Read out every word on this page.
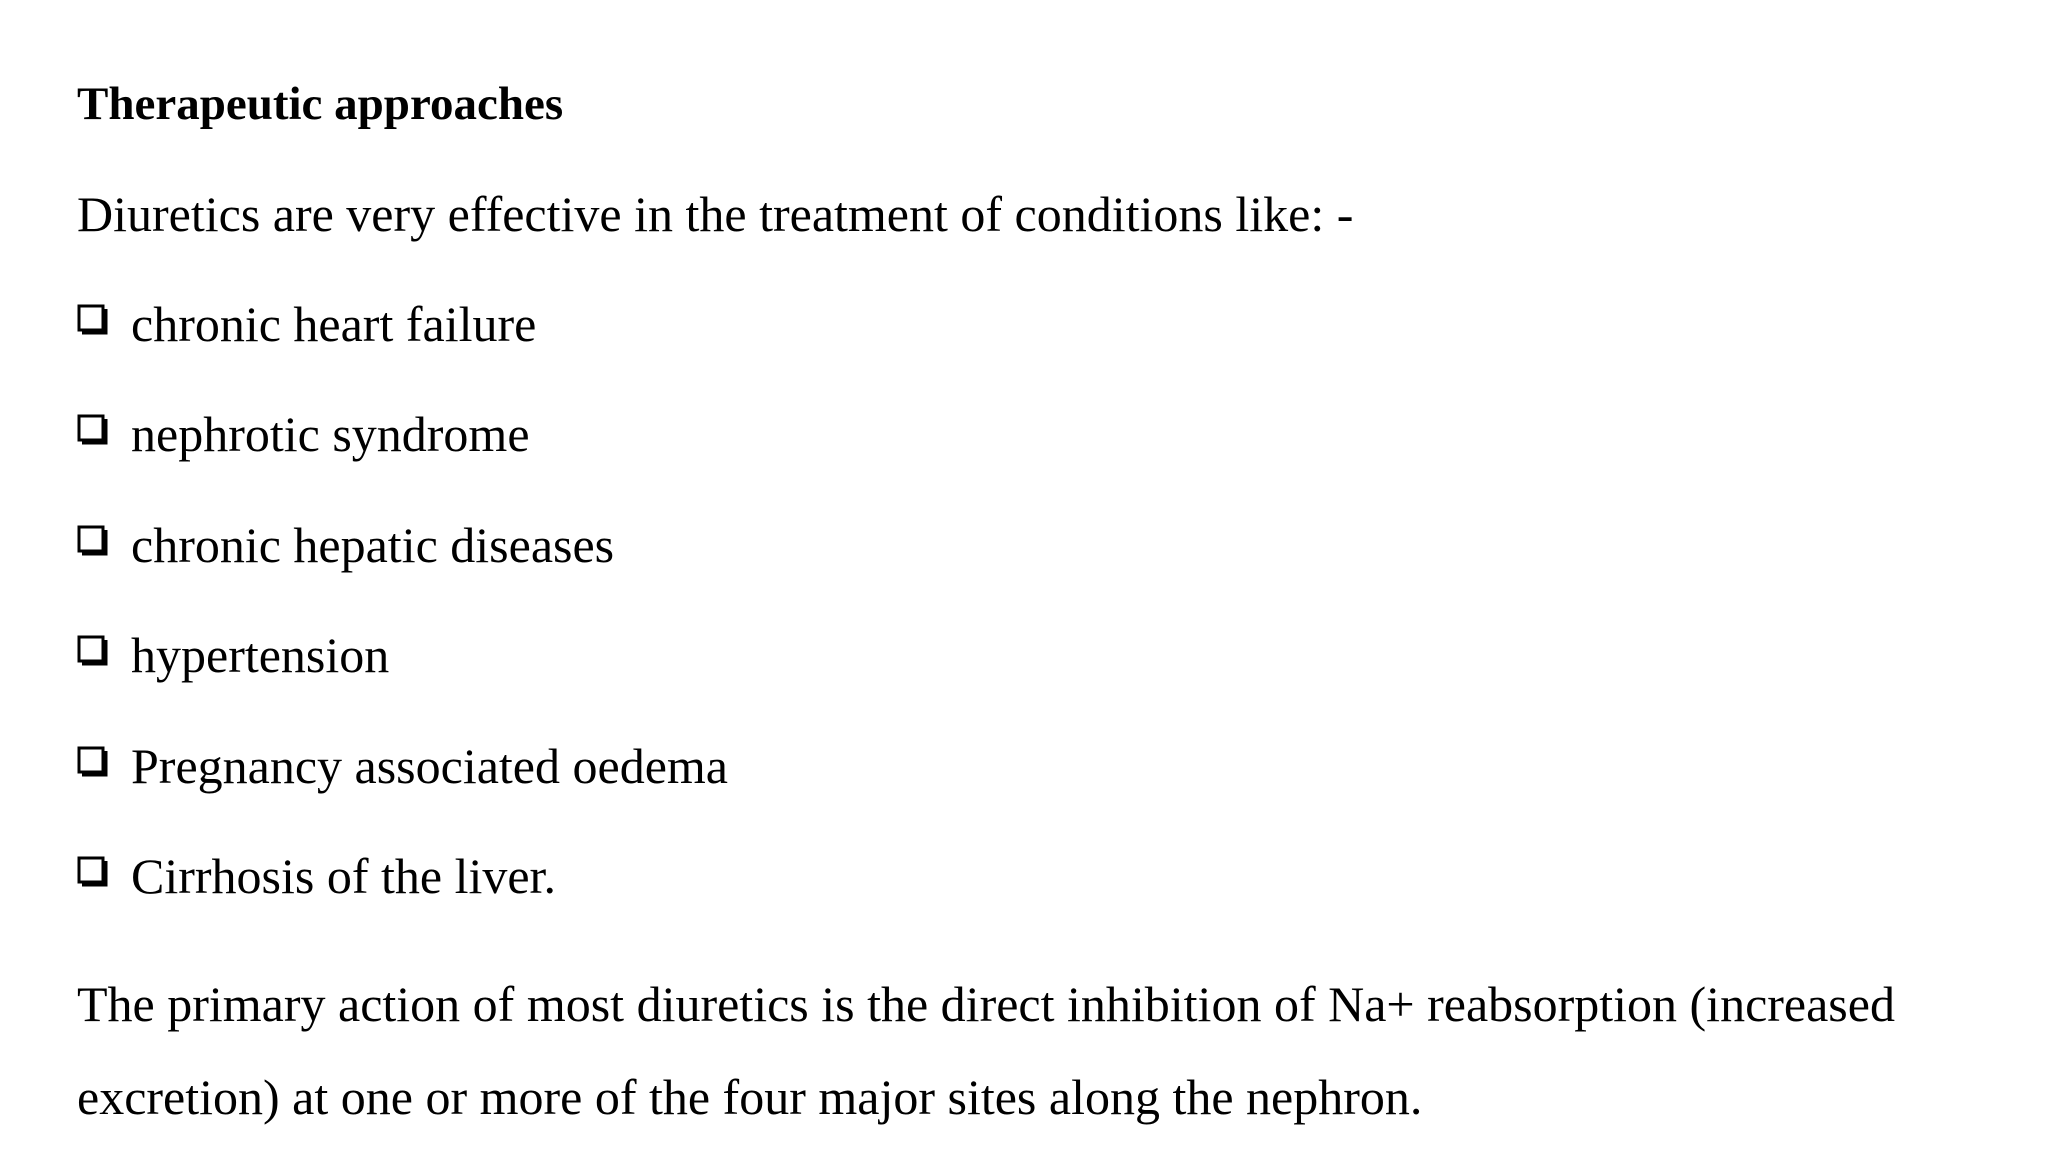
Therapeutic approaches

Diuretics are very effective in the treatment of conditions like: -

chronic heart failure
nephrotic syndrome
chronic hepatic diseases
hypertension
Pregnancy associated oedema
Cirrhosis of the liver.

The primary action of most diuretics is the direct inhibition of Na+ reabsorption (increased
excretion) at one or more of the four major sites along the nephron.
